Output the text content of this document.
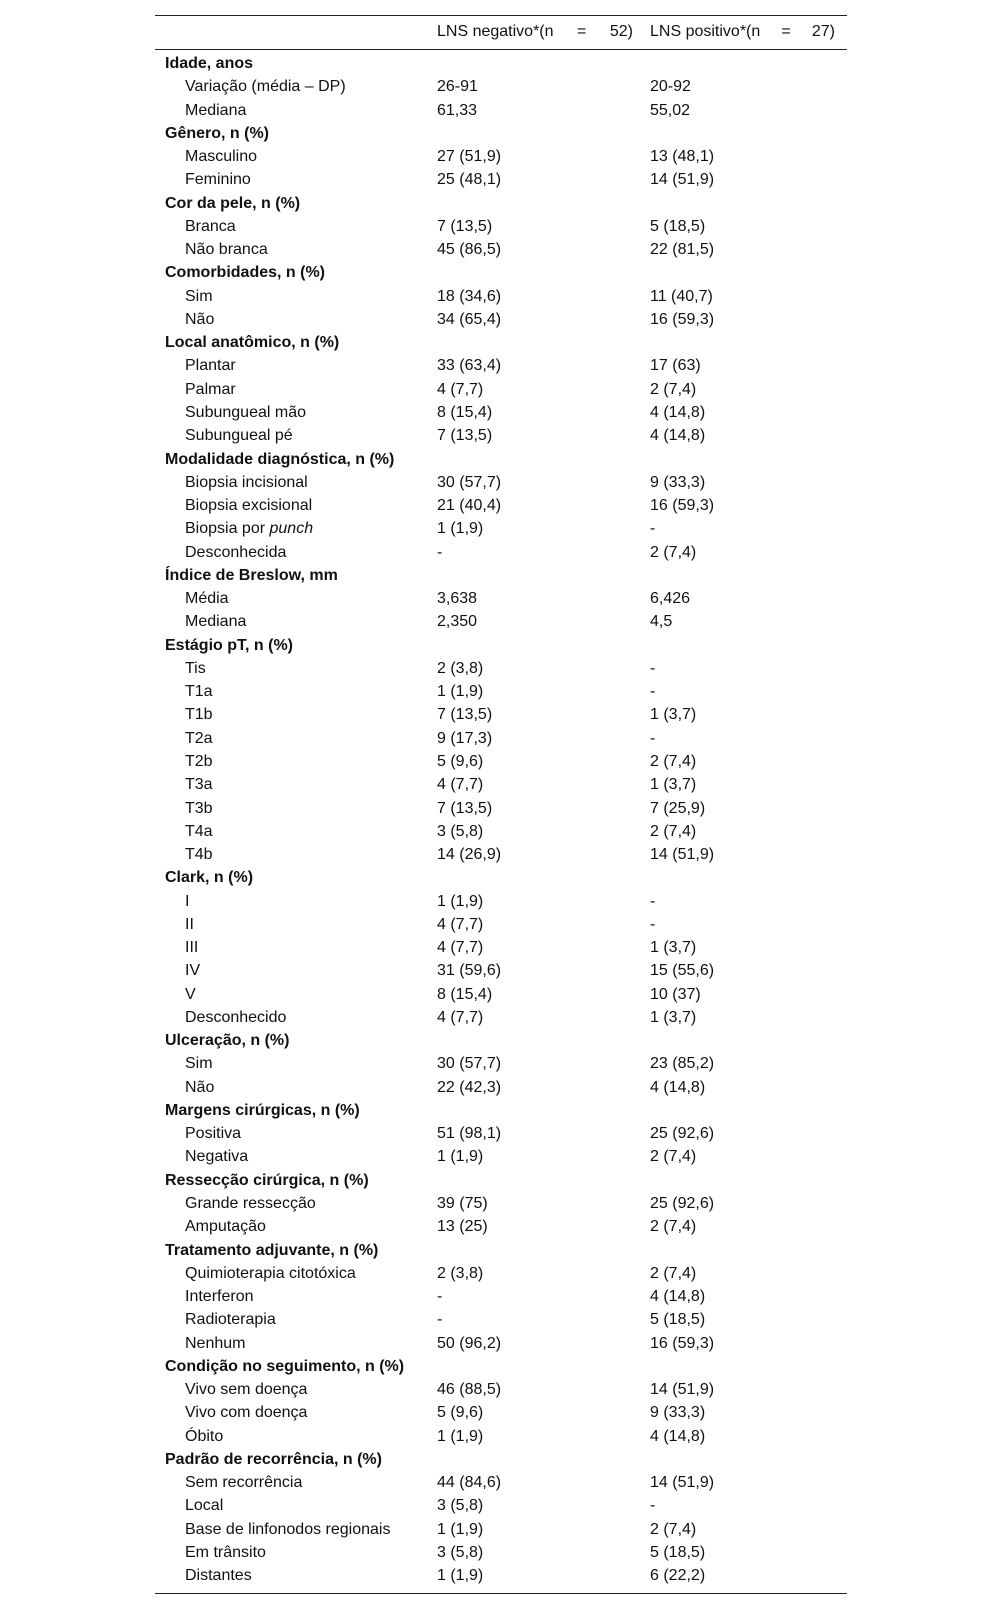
LNS negativo*(n = 52) LNS positivo*(n = 27)
Idade, anos
Variação (média – DP)	26-91	20-92
Mediana	61,33	55,02
Gênero, n (%)
Masculino	27 (51,9)	13 (48,1)
Feminino	25 (48,1)	14 (51,9)
Cor da pele, n (%)
Branca	7 (13,5)	5 (18,5)
Não branca	45 (86,5)	22 (81,5)
Comorbidades, n (%)
Sim	18 (34,6)	11 (40,7)
Não	34 (65,4)	16 (59,3)
Local anatômico, n (%)
Plantar	33 (63,4)	17 (63)
Palmar	4 (7,7)	2 (7,4)
Subungueal mão	8 (15,4)	4 (14,8)
Subungueal pé	7 (13,5)	4 (14,8)
Modalidade diagnóstica, n (%)
Biopsia incisional	30 (57,7)	9 (33,3)
Biopsia excisional	21 (40,4)	16 (59,3)
Biopsia por punch	1 (1,9)	-
Desconhecida	-	2 (7,4)
Índice de Breslow, mm
Média	3,638	6,426
Mediana	2,350	4,5
Estágio pT, n (%)
Tis	2 (3,8)	-
T1a	1 (1,9)	-
T1b	7 (13,5)	1 (3,7)
T2a	9 (17,3)	-
T2b	5 (9,6)	2 (7,4)
T3a	4 (7,7)	1 (3,7)
T3b	7 (13,5)	7 (25,9)
T4a	3 (5,8)	2 (7,4)
T4b	14 (26,9)	14 (51,9)
Clark, n (%)
I	1 (1,9)	-
II	4 (7,7)	-
III	4 (7,7)	1 (3,7)
IV	31 (59,6)	15 (55,6)
V	8 (15,4)	10 (37)
Desconhecido	4 (7,7)	1 (3,7)
Ulceração, n (%)
Sim	30 (57,7)	23 (85,2)
Não	22 (42,3)	4 (14,8)
Margens cirúrgicas, n (%)
Positiva	51 (98,1)	25 (92,6)
Negativa	1 (1,9)	2 (7,4)
Ressecção cirúrgica, n (%)
Grande ressecção	39 (75)	25 (92,6)
Amputação	13 (25)	2 (7,4)
Tratamento adjuvante, n (%)
Quimioterapia citotóxica	2 (3,8)	2 (7,4)
Interferon	-	4 (14,8)
Radioterapia	-	5 (18,5)
Nenhum	50 (96,2)	16 (59,3)
Condição no seguimento, n (%)
Vivo sem doença	46 (88,5)	14 (51,9)
Vivo com doença	5 (9,6)	9 (33,3)
Óbito	1 (1,9)	4 (14,8)
Padrão de recorrência, n (%)
Sem recorrência	44 (84,6)	14 (51,9)
Local	3 (5,8)	-
Base de linfonodos regionais	1 (1,9)	2 (7,4)
Em trânsito	3 (5,8)	5 (18,5)
Distantes	1 (1,9)	6 (22,2)
